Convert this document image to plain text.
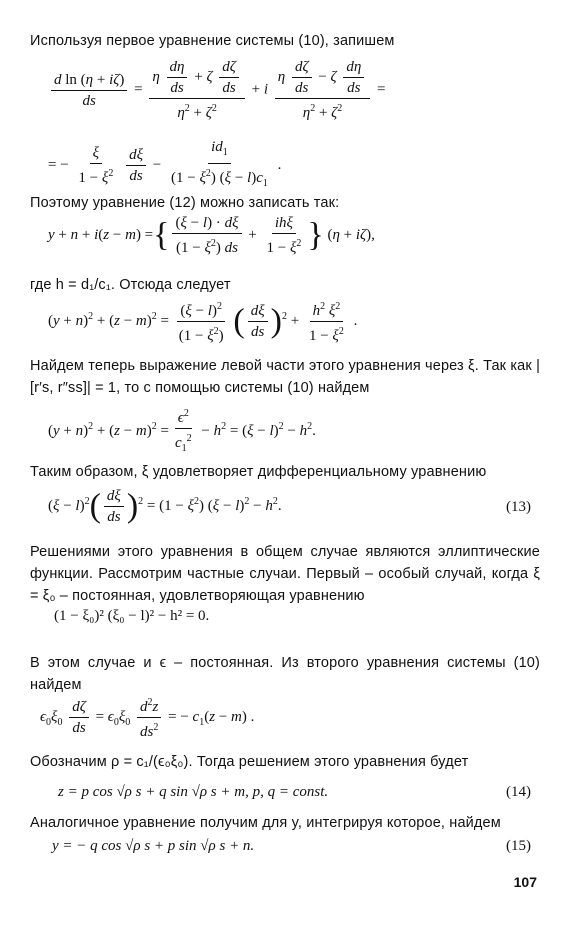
Используя первое уравнение системы (10), запишем
$\frac{\text{d ln (η + iζ)}}{ds} = \frac{\eta \frac{d\eta}{ds} + \zeta \frac{d\zeta}{ds}}{\eta^2 + \zeta^2} + i \frac{\eta \frac{d\zeta}{ds} - \zeta \frac{d\eta}{ds}}{\eta^2 + \zeta^2}$ =
= − $\frac{\xi}{1 - \xi^2}$
$\frac{d\xi}{ds} - \frac{id_1}{(1 - \xi^2) (\xi - l)c_1}$ .
Поэтому уравнение (12) можно записать так:
y + n + i(z − m) ={ $\frac{(\xi - l) \cdot d\xi}{(1 - \xi^2) ds} + \frac{\text{ihξ}}{1 - \xi^2}$ } (η + iζ),
где h = d₁/c₁. Отсюда следует
$(y + n)^2 + (z - m)^2 = \frac{(\xi - l)^2}{(1 - \xi^2)}$ ( $\frac{d\xi}{ds} )^2 + \frac{h^2 \xi^2}{1 - \xi^2}$ .
Найдем теперь выражение левой части этого уравнения через ξ. Так как |[r′s, r″ss]| = 1, то с помощью системы (10) найдем
$(y + n)^2 + (z - m)^2 = \frac{\epsilon^2}{c_1^2} - h^2 = (\xi - l)^2 - h^2$.
Таким образом, ξ удовлетворяет дифференциальному уравнению
$(\xi - l)^2( \frac{d\xi}{ds} )^2 = (1 - \xi^2)$ $(\xi - l)^2 - h^2$.	(13)
Решениями этого уравнения в общем случае являются эллиптические функции. Рассмотрим частные случаи. Первый – особый случай, когда ξ = ξ₀ – постоянная, удовлетворяющая уравнению
(1 − ξ₀)² (ξ₀ − l)² − h² = 0.
В этом случае и ϵ – постоянная. Из второго уравнения системы (10) найдем
$\epsilon_0\xi_0 \frac{d\zeta}{ds} = \epsilon_0\xi_0 \frac{d^2z}{ds^2}$ = − $c_1(z - m)$ .
Обозначим ρ = c₁/(ϵ₀ξ₀). Тогда решением этого уравнения будет
z = p cos √ρ s + q sin √ρ s + m, p, q = const.	(14)
Аналогичное уравнение получим для y, интегрируя которое, найдем
y = − q cos √ρ s + p sin √ρ s + n.	(15)
107
